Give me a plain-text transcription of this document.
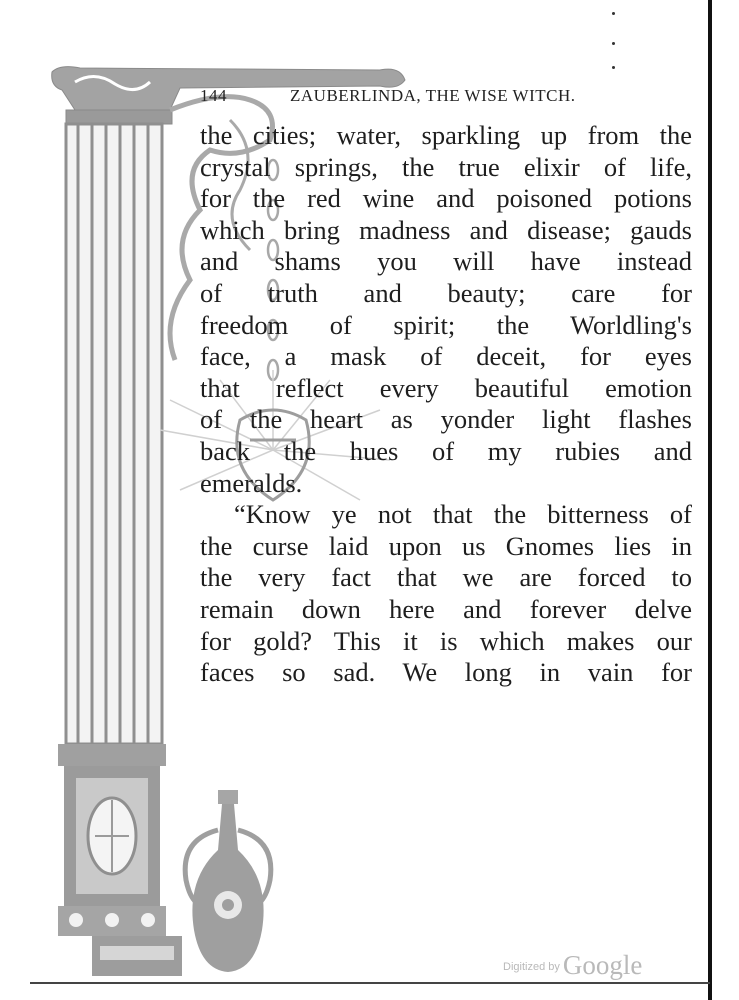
144	ZAUBERLINDA, THE WISE WITCH.
the cities; water, sparkling up from the
crystal springs, the true elixir of life,
for the red wine and poisoned potions
which bring madness and disease; gauds
and shams you will have instead
of truth and beauty; care for
freedom of spirit; the Worldling's
face, a mask of deceit, for eyes
that reflect every beautiful emotion
of the heart as yonder light flashes
back the hues of my rubies and
emeralds.
“Know ye not that the bitterness of
the curse laid upon us Gnomes lies in
the very fact that we are forced to
remain down here and forever delve
for gold? This it is which makes our
faces so sad. We long in vain for
$^{Digitized by}$ Google
